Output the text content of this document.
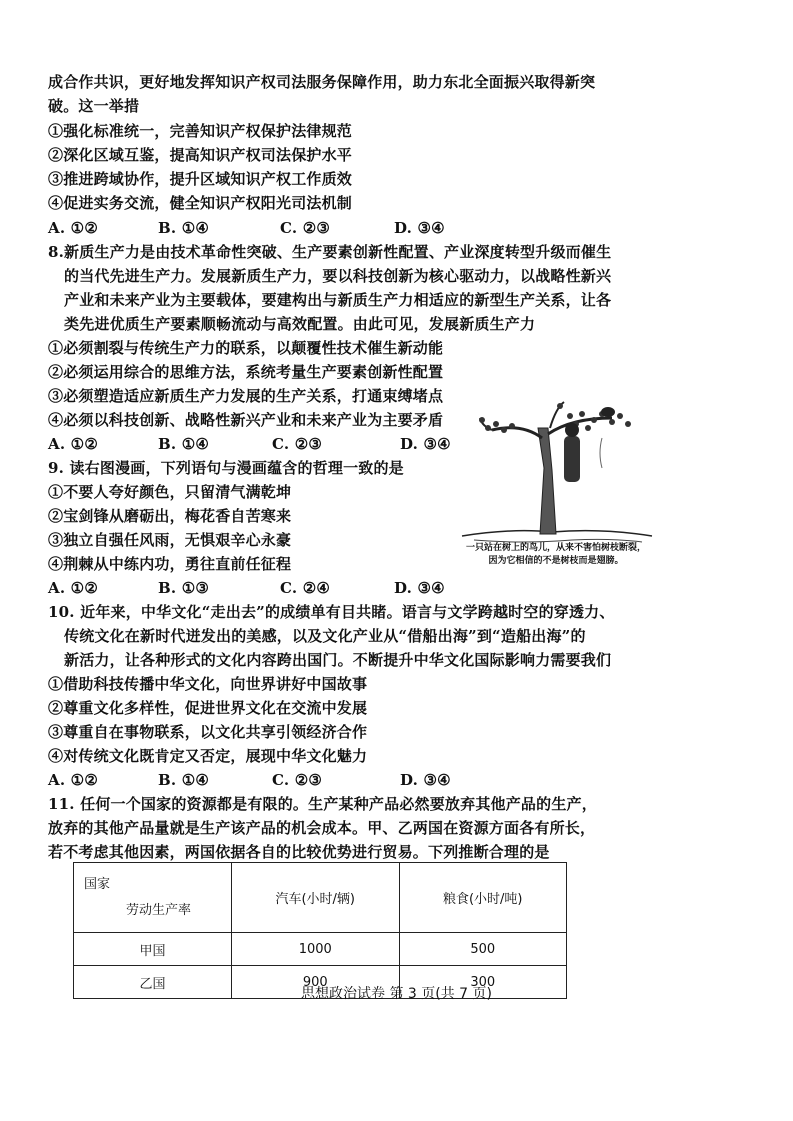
成合作共识，更好地发挥知识产权司法服务保障作用，助力东北全面振兴取得新突
破。这一举措
①强化标准统一，完善知识产权保护法律规范
②深化区域互鉴，提高知识产权司法保护水平
③推进跨域协作，提升区域知识产权工作质效
④促进实务交流，健全知识产权阳光司法机制
A. ①②	B. ①④	C. ②③	D. ③④
8.新质生产力是由技术革命性突破、生产要素创新性配置、产业深度转型升级而催生
的当代先进生产力。发展新质生产力，要以科技创新为核心驱动力，以战略性新兴
产业和未来产业为主要载体，要建构出与新质生产力相适应的新型生产关系，让各
类先进优质生产要素顺畅流动与高效配置。由此可见，发展新质生产力
①必须割裂与传统生产力的联系，以颠覆性技术催生新动能
②必须运用综合的思维方法，系统考量生产要素创新性配置
③必须塑造适应新质生产力发展的生产关系，打通束缚堵点
④必须以科技创新、战略性新兴产业和未来产业为主要矛盾
A. ①②	B. ①④	C. ②③	D. ③④
9. 读右图漫画，下列语句与漫画蕴含的哲理一致的是
①不要人夸好颜色，只留清气满乾坤
②宝剑锋从磨砺出，梅花香自苦寒来
③独立自强任风雨，无惧艰辛心永豪
④荆棘从中练内功，勇往直前任征程
A. ①②	B. ①③	C. ②④	D. ③④
一只站在树上的鸟儿，从来不害怕树枝断裂，
因为它相信的不是树枝而是翅膀。
10. 近年来，中华文化“走出去”的成绩单有目共睹。语言与文学跨越时空的穿透力、
传统文化在新时代迸发出的美感，以及文化产业从“借船出海”到“造船出海”的
新活力，让各种形式的文化内容跨出国门。不断提升中华文化国际影响力需要我们
①借助科技传播中华文化，向世界讲好中国故事
②尊重文化多样性，促进世界文化在交流中发展
③尊重自在事物联系，以文化共享引领经济合作
④对传统文化既肯定又否定，展现中华文化魅力
A. ①②	B. ①④	C. ②③	D. ③④
11. 任何一个国家的资源都是有限的。生产某种产品必然要放弃其他产品的生产，
放弃的其他产品量就是生产该产品的机会成本。甲、乙两国在资源方面各有所长，
若不考虑其他因素，两国依据各自的比较优势进行贸易。下列推断合理的是
国家
劳动生产率	汽车(小时/辆)	粮食(小时/吨)
甲国	1000	500
乙国	900	300
思想政治试卷 第 3 页(共 7 页)
